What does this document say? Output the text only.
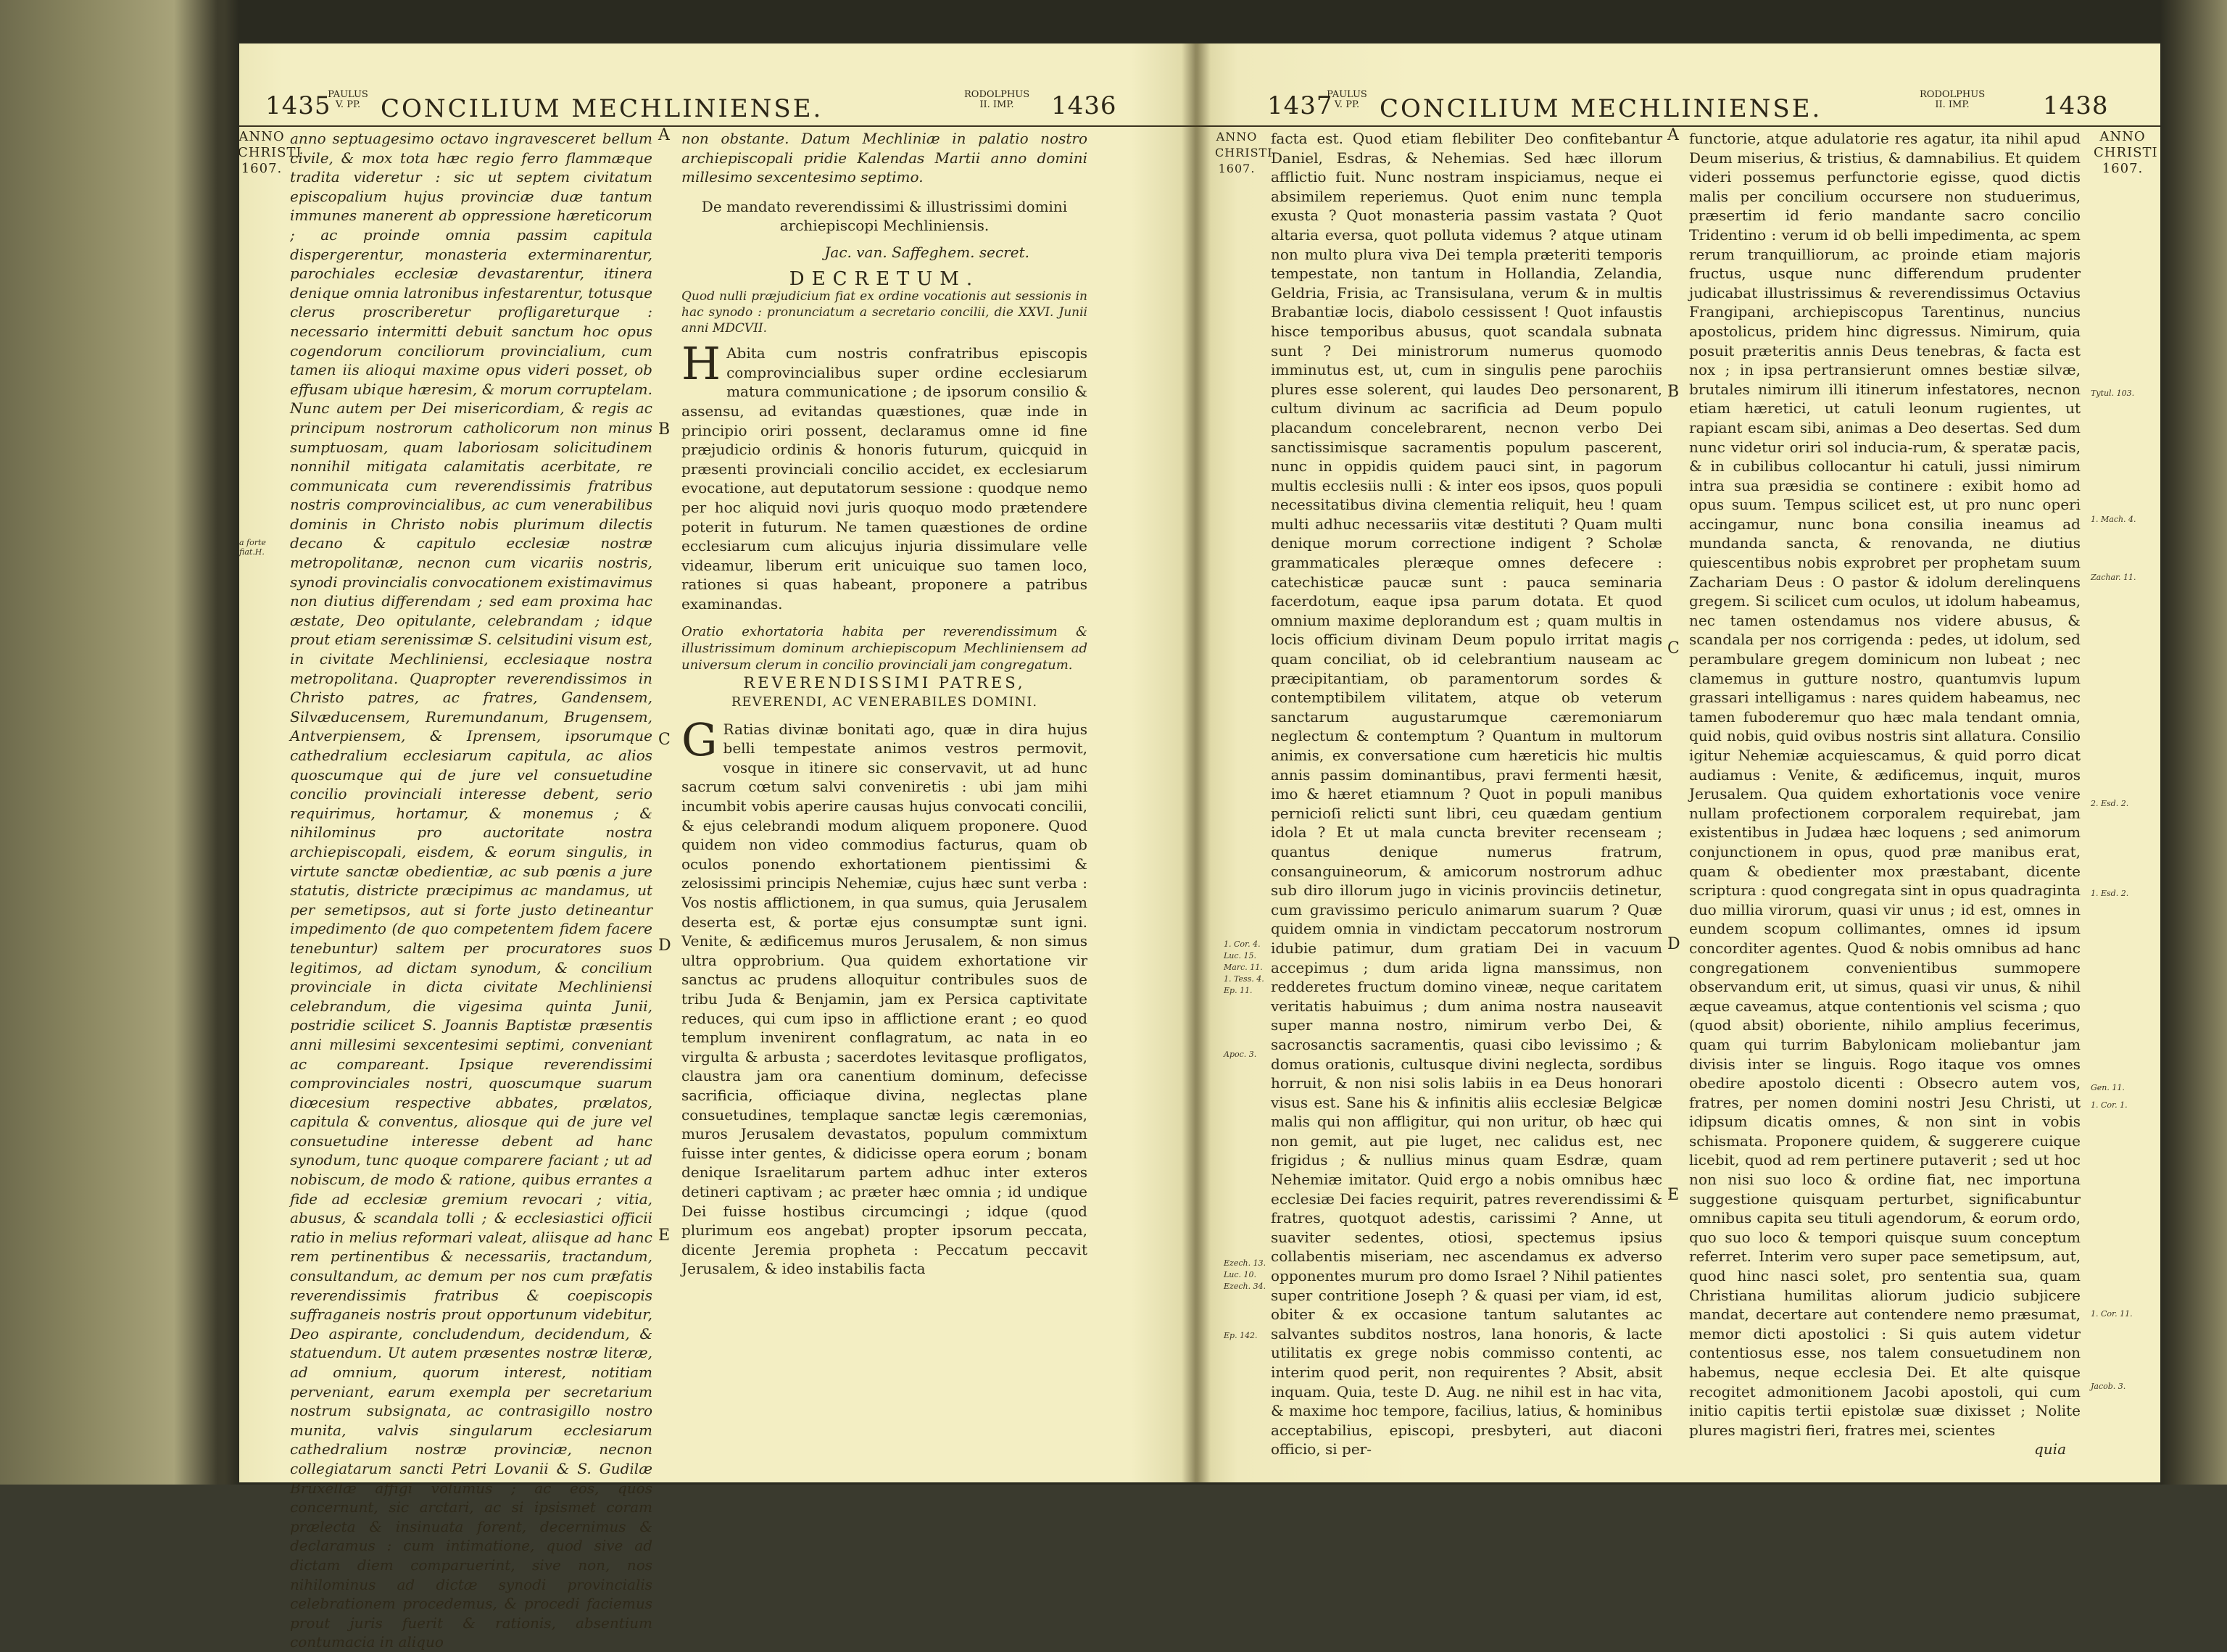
1435
PAULUS V. PP. CONCILIUM MECHLINIENSE.	RODOLPHUS II. IMP.	1436
ANNO CHRISTI 1607.
a forte fiat.H.

anno septuagesimo octavo ingravesceret bellum civile, & mox tota hæc regio ferro flammæque tradita videretur : sic ut septem civitatum episcopalium hujus provinciæ duæ tantum immunes manerent ab oppressione hæreticorum ; ac proinde omnia passim capitula dispergerentur, monasteria exterminarentur, parochiales ecclesiæ devastarentur, itinera denique omnia latronibus infestarentur, totusque clerus proscriberetur profligareturque : necessario intermitti debuit sanctum hoc opus cogendorum conciliorum provincialium, cum tamen iis alioqui maxime opus videri posset, ob effusam ubique hæresim, & morum corruptelam. Nunc autem per Dei misericordiam, & regis ac principum nostrorum catholicorum non minus sumptuosam, quam laboriosam solicitudinem nonnihil mitigata calamitatis acerbitate, re communicata cum reverendissimis fratribus nostris comprovincialibus, ac cum venerabilibus dominis in Christo nobis plurimum dilectis decano & capitulo ecclesiæ nostræ metropolitanæ, necnon cum vicariis nostris, synodi provincialis convocationem existimavimus non diutius differendam ; sed eam proxima hac æstate, Deo opitulante, celebrandam ; idque prout etiam serenissimæ S. celsitudini visum est, in civitate Mechliniensi, ecclesiaque nostra metropolitana. Quapropter reverendissimos in Christo patres, ac fratres, Gandensem, Silvæducensem, Ruremundanum, Brugensem, Antverpiensem, & Iprensem, ipsorumque cathedralium ecclesiarum capitula, ac alios quoscumque qui de jure vel consuetudine concilio provinciali interesse debent, serio requirimus, hortamur, & monemus ; & nihilominus pro auctoritate nostra archiepiscopali, eisdem, & eorum singulis, in virtute sanctæ obedientiæ, ac sub pœnis a jure statutis, districte præcipimus ac mandamus, ut per semetipsos, aut si forte justo detineantur impedimento (de quo competentem fidem facere tenebuntur) saltem per procuratores suos legitimos, ad dictam synodum, & concilium provinciale in dicta civitate Mechliniensi celebrandum, die vigesima quinta Junii, postridie scilicet S. Joannis Baptistæ præsentis anni millesimi sexcentesimi septimi, conveniant ac compareant. Ipsique reverendissimi comprovinciales nostri, quoscumque suarum diœcesium respective abbates, prælatos, capitula & conventus, aliosque qui de jure vel consuetudine interesse debent ad hanc synodum, tunc quoque comparere faciant ; ut ad nobiscum, de modo & ratione, quibus errantes a fide ad ecclesiæ gremium revocari ; vitia, abusus, & scandala tolli ; & ecclesiastici officii ratio in melius reformari valeat, aliisque ad hanc rem pertinentibus & necessariis, tractandum, consultandum, ac demum per nos cum præfatis reverendissimis fratribus & coepiscopis suffraganeis nostris prout opportunum videbitur, Deo aspirante, concludendum, decidendum, & statuendum. Ut autem præsentes nostræ literæ, ad omnium, quorum interest, notitiam perveniant, earum exempla per secretarium nostrum subsignata, ac contrasigillo nostro munita, valvis singularum ecclesiarum cathedralium nostræ provinciæ, necnon collegiatarum sancti Petri Lovanii & S. Gudilæ Bruxellæ affigi volumus ; ac eos, quos concernunt, sic arctari, ac si ipsismet coram prælecta & insinuata forent, decernimus & declaramus : cum intimatione, quod sive ad dictam diem comparuerint, sive non, nos nihilominus ad dictæ synodi provincialis celebrationem procedemus, & procedi faciemus prout juris fuerit & rationis, absentium contumacia in aliquo

A
B
C
D
E

non obstante. Datum Mechliniæ in palatio nostro archiepiscopali pridie Kalendas Martii anno domini millesimo sexcentesimo septimo.

De mandato reverendissimi & illustrissimi domini archiepiscopi Mechliniensis.

Jac. van. Saffeghem. secret.

DECRETUM.

Quod nulli præjudicium fiat ex ordine vocationis aut sessionis in hac synodo : pronunciatum a secretario concilii, die XXVI. Junii anni MDCVII.

H Abita cum nostris confratribus episcopis comprovincialibus super ordine ecclesiarum matura communicatione ; de ipsorum consilio & assensu, ad evitandas quæstiones, quæ inde in principio oriri possent, declaramus omne id fine præjudicio ordinis & honoris futurum, quicquid in præsenti provinciali concilio accidet, ex ecclesiarum evocatione, aut deputatorum sessione : quodque nemo per hoc aliquid novi juris quoquo modo prætendere poterit in futurum. Ne tamen quæstiones de ordine ecclesiarum cum alicujus injuria dissimulare velle videamur, liberum erit unicuique suo tamen loco, rationes si quas habeant, proponere a patribus examinandas.

Oratio exhortatoria habita per reverendissimum & illustrissimum dominum archiepiscopum Mechliniensem ad universum clerum in concilio provinciali jam congregatum.

REVERENDISSIMI PATRES,

REVERENDI, AC VENERABILES DOMINI.

G Ratias divinæ bonitati ago, quæ in dira hujus belli tempestate animos vestros permovit, vosque in itinere sic conservavit, ut ad hunc sacrum cœtum salvi conveniretis : ubi jam mihi incumbit vobis aperire causas hujus convocati concilii, & ejus celebrandi modum aliquem proponere. Quod quidem non video commodius facturus, quam ob oculos ponendo exhortationem pientissimi & zelosissimi principis Nehemiæ, cujus hæc sunt verba : Vos nostis afflictionem, in qua sumus, quia Jerusalem deserta est, & portæ ejus consumptæ sunt igni. Venite, & ædificemus muros Jerusalem, & non simus ultra opprobrium. Qua quidem exhortatione vir sanctus ac prudens alloquitur contribules suos de tribu Juda & Benjamin, jam ex Persica captivitate reduces, qui cum ipso in afflictione erant ; eo quod templum invenirent conflagratum, ac nata in eo virgulta & arbusta ; sacerdotes levitasque profligatos, claustra jam ora canentium dominum, defecisse sacrificia, officiaque divina, neglectas plane consuetudines, templaque sanctæ legis cæremonias, muros Jerusalem devastatos, populum commixtum fuisse inter gentes, & didicisse opera eorum ; bonam denique Israelitarum partem adhuc inter exteros detineri captivam ; ac præter hæc omnia ; id undique Dei fuisse hostibus circumcingi ; idque (quod plurimum eos angebat) propter ipsorum peccata, dicente Jeremia propheta : Peccatum peccavit Jerusalem, & ideo instabilis facta

1437
PAULUS V. PP. CONCILIUM MECHLINIENSE.	RODOLPHUS II. IMP.	1438
ANNO CHRISTI 1607.
ANNO CHRISTI 1607.
1. Cor. 4.
Luc. 15.
Marc. 11.
1. Tess. 4.
Ep. 11.
Apoc. 3.
Ezech. 13.
Luc. 10.
Ezech. 34.
Ep. 142.

facta est. Quod etiam flebiliter Deo confitebantur Daniel, Esdras, & Nehemias. Sed hæc illorum afflictio fuit. Nunc nostram inspiciamus, neque ei absimilem reperiemus. Quot enim nunc templa exusta ? Quot monasteria passim vastata ? Quot altaria eversa, quot polluta videmus ? atque utinam non multo plura viva Dei templa præteriti temporis tempestate, non tantum in Hollandia, Zelandia, Geldria, Frisia, ac Transisulana, verum & in multis Brabantiæ locis, diabolo cessissent ! Quot infaustis hisce temporibus abusus, quot scandala subnata sunt ? Dei ministrorum numerus quomodo imminutus est, ut, cum in singulis pene parochiis plures esse solerent, qui laudes Deo personarent, cultum divinum ac sacrificia ad Deum populo placandum concelebrarent, necnon verbo Dei sanctissimisque sacramentis populum pascerent, nunc in oppidis quidem pauci sint, in pagorum multis ecclesiis nulli : & inter eos ipsos, quos populi necessitatibus divina clementia reliquit, heu ! quam multi adhuc necessariis vitæ destituti ? Quam multi denique morum correctione indigent ? Scholæ grammaticales pleræque omnes defecere : catechisticæ paucæ sunt : pauca seminaria facerdotum, eaque ipsa parum dotata. Et quod omnium maxime deplorandum est ; quam multis in locis officium divinam Deum populo irritat magis quam conciliat, ob id celebrantium nauseam ac præcipitantiam, ob paramentorum sordes & contemptibilem vilitatem, atque ob veterum sanctarum augustarumque cæremoniarum neglectum & contemptum ? Quantum in multorum animis, ex conversatione cum hæreticis hic multis annis passim dominantibus, pravi fermenti hæsit, imo & hæret etiamnum ? Quot in populi manibus pernicioſi relicti sunt libri, ceu quædam gentium idola ? Et ut mala cuncta breviter recenseam ; quantus denique numerus fratrum, consanguineorum, & amicorum nostrorum adhuc sub diro illorum jugo in vicinis provinciis detinetur, cum gravissimo periculo animarum suarum ? Quæ quidem omnia in vindictam peccatorum nostrorum idubie patimur, dum gratiam Dei in vacuum accepimus ; dum arida ligna manssimus, non redderetes fructum domino vineæ, neque caritatem veritatis habuimus ; dum anima nostra nauseavit super manna nostro, nimirum verbo Dei, & sacrosanctis sacramentis, quasi cibo levissimo ; & domus orationis, cultusque divini neglecta, sordibus horruit, & non nisi solis labiis in ea Deus honorari visus est. Sane his & infinitis aliis ecclesiæ Belgicæ malis qui non affligitur, qui non uritur, ob hæc qui non gemit, aut pie luget, nec calidus est, nec frigidus ; & nullius minus quam Esdræ, quam Nehemiæ imitator. Quid ergo a nobis omnibus hæc ecclesiæ Dei facies requirit, patres reverendissimi & fratres, quotquot adestis, carissimi ? Anne, ut suaviter sedentes, otiosi, spectemus ipsius collabentis miseriam, nec ascendamus ex adverso opponentes murum pro domo Israel ? Nihil patientes super contritione Joseph ? & quasi per viam, id est, obiter & ex occasione tantum salutantes ac salvantes subditos nostros, lana honoris, & lacte utilitatis ex grege nobis commisso contenti, ac interim quod perit, non requirentes ? Absit, absit inquam. Quia, teste D. Aug. ne nihil est in hac vita, & maxime hoc tempore, facilius, latius, & hominibus acceptabilius, episcopi, presbyteri, aut diaconi officio, si per-

A
B
C
D
E

functorie, atque adulatorie res agatur, ita nihil apud Deum miserius, & tristius, & damnabilius. Et quidem videri possemus perfunctorie egisse, quod dictis malis per concilium occursere non studuerimus, præsertim id ferio mandante sacro concilio Tridentino : verum id ob belli impedimenta, ac spem rerum tranquilliorum, ac proinde etiam majoris fructus, usque nunc differendum prudenter judicabat illustrissimus & reverendissimus Octavius Frangipani, archiepiscopus Tarentinus, nuncius apostolicus, pridem hinc digressus. Nimirum, quia posuit præteritis annis Deus tenebras, & facta est nox ; in ipsa pertransierunt omnes bestiæ silvæ, brutales nimirum illi itinerum infestatores, necnon etiam hæretici, ut catuli leonum rugientes, ut rapiant escam sibi, animas a Deo desertas. Sed dum nunc videtur oriri sol inducia-rum, & speratæ pacis, & in cubilibus collocantur hi catuli, jussi nimirum intra sua præsidia se continere : exibit homo ad opus suum. Tempus scilicet est, ut pro nunc operi accingamur, nunc bona consilia ineamus ad mundanda sancta, & renovanda, ne diutius quiescentibus nobis exprobret per prophetam suum Zachariam Deus : O pastor & idolum derelinquens gregem. Si scilicet cum oculos, ut idolum habeamus, nec tamen ostendamus nos videre abusus, & scandala per nos corrigenda : pedes, ut idolum, sed perambulare gregem dominicum non lubeat ; nec clamemus in gutture nostro, quantumvis lupum grassari intelligamus : nares quidem habeamus, nec tamen fuboderemur quo hæc mala tendant omnia, quid nobis, quid ovibus nostris sint allatura. Consilio igitur Nehemiæ acquiescamus, & quid porro dicat audiamus : Venite, & ædificemus, inquit, muros Jerusalem. Qua quidem exhortationis voce venire nullam profectionem corporalem requirebat, jam existentibus in Judæa hæc loquens ; sed animorum conjunctionem in opus, quod præ manibus erat, quam & obedienter mox præstabant, dicente scriptura : quod congregata sint in opus quadraginta duo millia virorum, quasi vir unus ; id est, omnes in eundem scopum collimantes, omnes id ipsum concorditer agentes. Quod & nobis omnibus ad hanc congregationem convenientibus summopere observandum erit, ut simus, quasi vir unus, & nihil æque caveamus, atque contentionis vel scisma ; quo (quod absit) oboriente, nihilo amplius fecerimus, quam qui turrim Babylonicam moliebantur jam divisis inter se linguis. Rogo itaque vos omnes obedire apostolo dicenti : Obsecro autem vos, fratres, per nomen domini nostri Jesu Christi, ut idipsum dicatis omnes, & non sint in vobis schismata. Proponere quidem, & suggerere cuique licebit, quod ad rem pertinere putaverit ; sed ut hoc non nisi suo loco & ordine fiat, nec importuna suggestione quisquam perturbet, significabuntur omnibus capita seu tituli agendorum, & eorum ordo, quo suo loco & tempori quisque suum conceptum referret. Interim vero super pace semetipsum, aut, quod hinc nasci solet, pro sententia sua, quam Christiana humilitas aliorum judicio subjicere mandat, decertare aut contendere nemo præsumat, memor dicti apostolici : Si quis autem videtur contentiosus esse, nos talem consuetudinem non habemus, neque ecclesia Dei. Et alte quisque recogitet admonitionem Jacobi apostoli, qui cum initio capitis tertii epistolæ suæ dixisset ; Nolite plures magistri fieri, fratres mei, scientes

quia

Tytul. 103.
1. Mach. 4.
Zachar. 11.
2. Esd. 2.
1. Esd. 2.
Gen. 11.
1. Cor. 1.
1. Cor. 11.
Jacob. 3.
